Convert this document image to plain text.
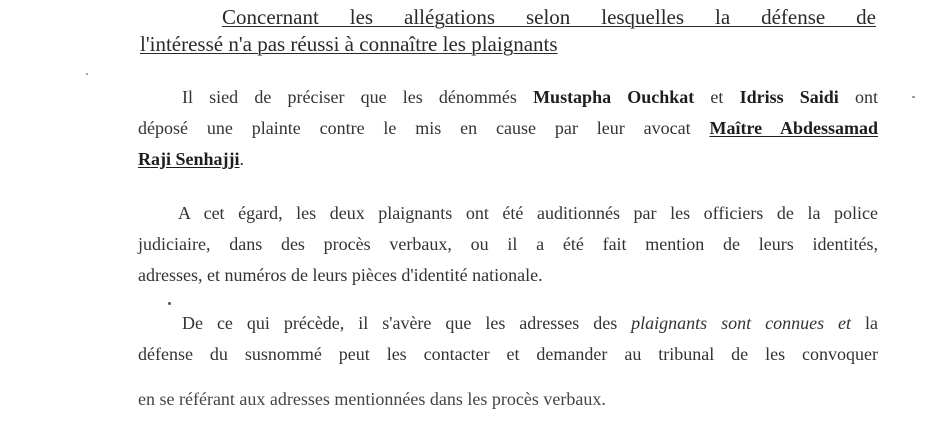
Concernant les allégations selon lesquelles la défense de
l'intéressé n'a pas réussi à connaître les plaignants
Il sied de préciser que les dénommés Mustapha Ouchkat et Idriss Saidi ont
déposé une plainte contre le mis en cause par leur avocat Maître Abdessamad
Raji Senhajji.
A cet égard, les deux plaignants ont été auditionnés par les officiers de la police
judiciaire, dans des procès verbaux, ou il a été fait mention de leurs identités,
adresses, et numéros de leurs pièces d'identité nationale.
De ce qui précède, il s'avère que les adresses des plaignants sont connues et la
défense du susnommé peut les contacter et demander au tribunal de les convoquer
en se référant aux adresses mentionnées dans les procès verbaux.
